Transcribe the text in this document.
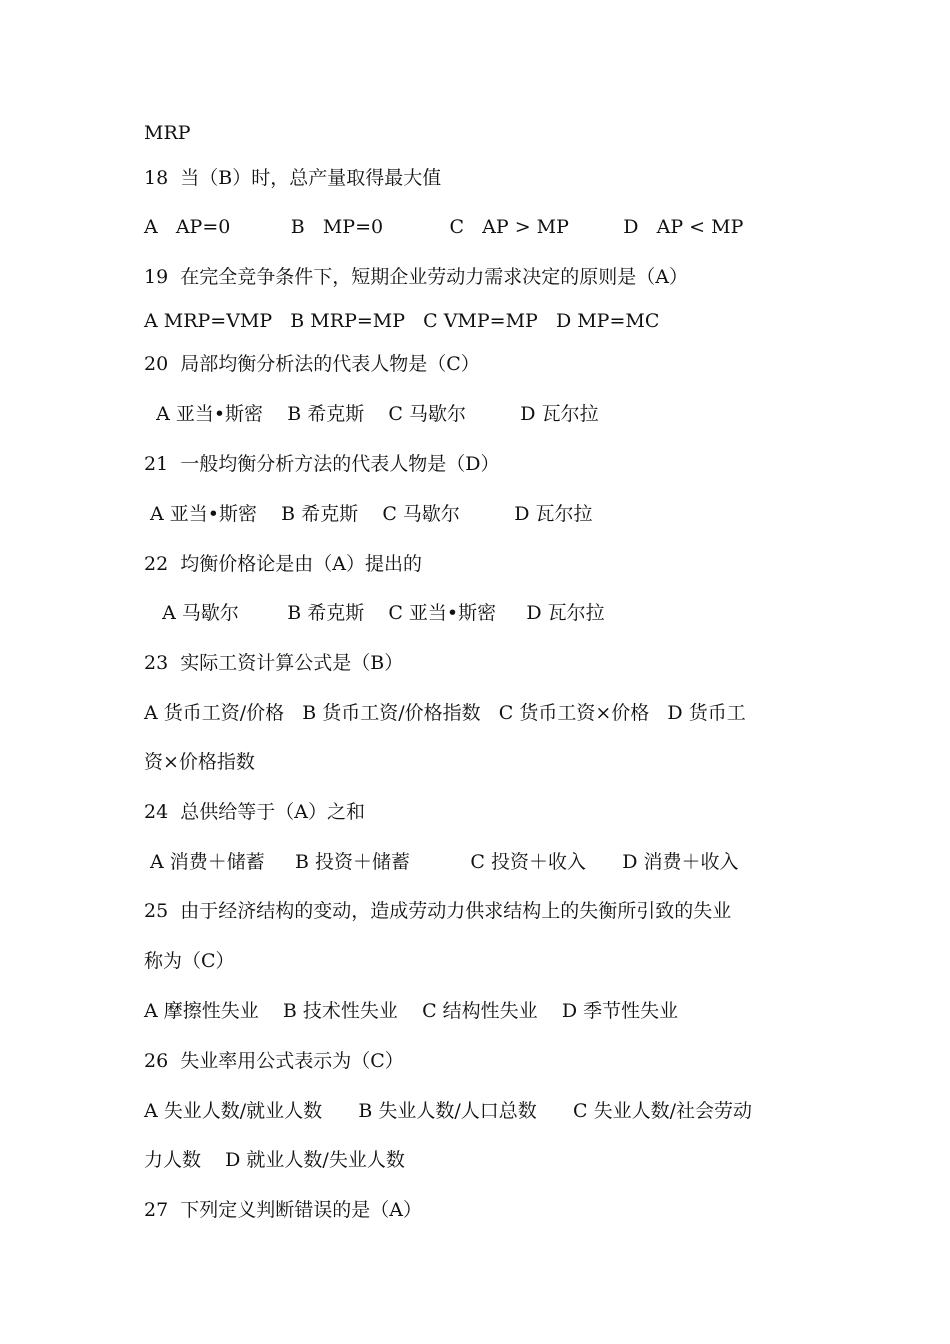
MRP
18  当（B）时，总产量取得最大值
A   AP=0          B   MP=0           C   AP > MP         D   AP < MP
19  在完全竞争条件下，短期企业劳动力需求决定的原则是（A）
A MRP=VMP   B MRP=MP   C VMP=MP   D MP=MC
20  局部均衡分析法的代表人物是（C）
A 亚当•斯密    B 希克斯    C 马歇尔         D 瓦尔拉
21  一般均衡分析方法的代表人物是（D）
A 亚当•斯密    B 希克斯    C 马歇尔         D 瓦尔拉
22  均衡价格论是由（A）提出的
A 马歇尔        B 希克斯    C 亚当•斯密     D 瓦尔拉
23  实际工资计算公式是（B）
A 货币工资/价格   B 货币工资/价格指数   C 货币工资×价格   D 货币工
资×价格指数
24  总供给等于（A）之和
A 消费＋储蓄     B 投资＋储蓄          C 投资＋收入      D 消费＋收入
25  由于经济结构的变动，造成劳动力供求结构上的失衡所引致的失业
称为（C）
A 摩擦性失业    B 技术性失业    C 结构性失业    D 季节性失业
26  失业率用公式表示为（C）
A 失业人数/就业人数      B 失业人数/人口总数      C 失业人数/社会劳动
力人数    D 就业人数/失业人数
27  下列定义判断错误的是（A）
